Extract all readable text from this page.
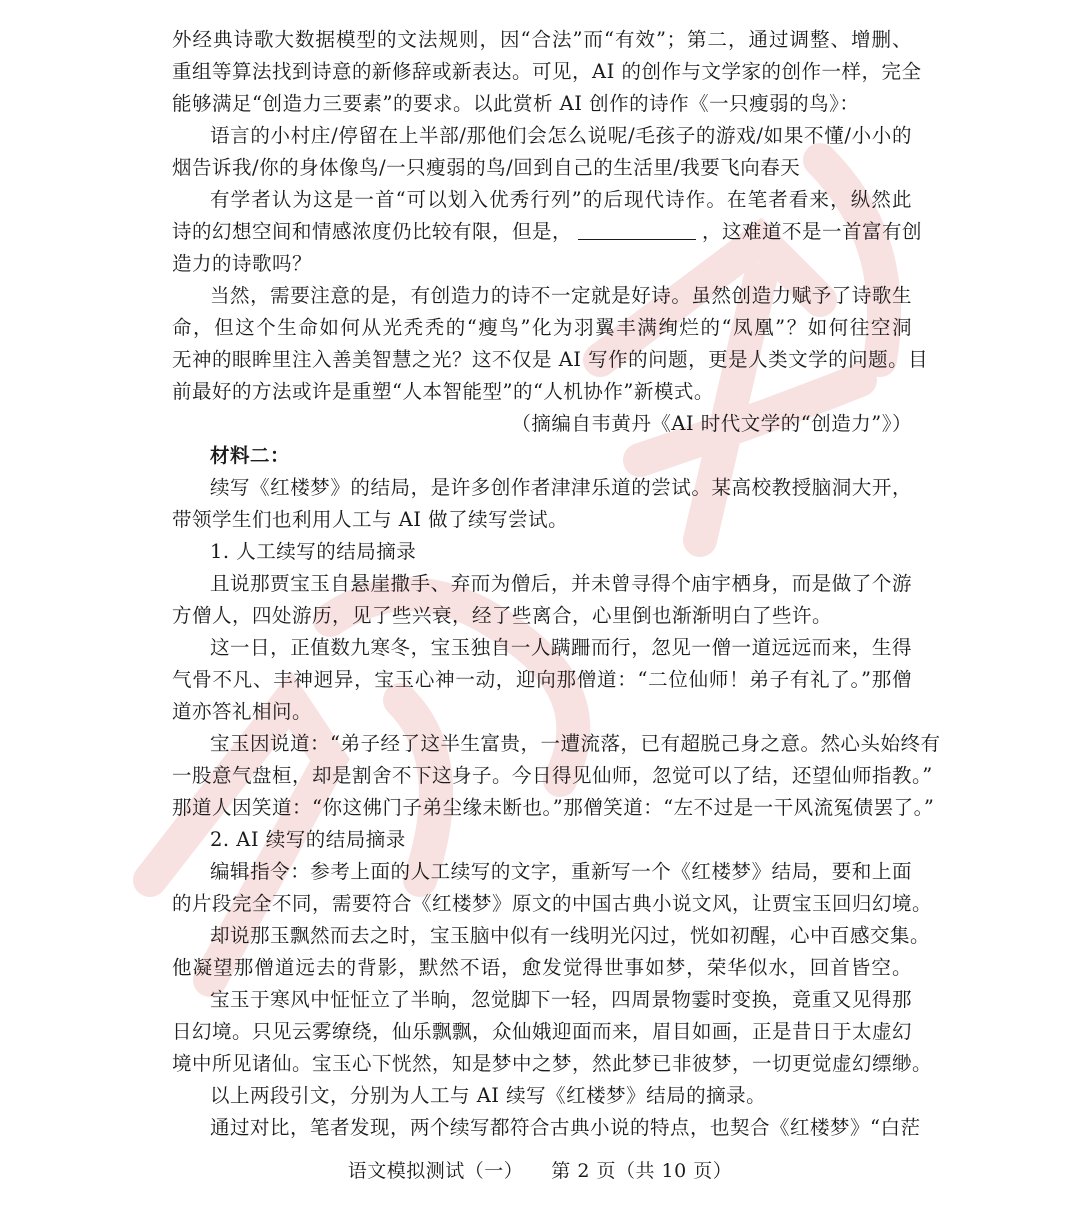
外经典诗歌大数据模型的文法规则，因“合法”而“有效”；第二，通过调整、增删、
重组等算法找到诗意的新修辞或新表达。可见，AI 的创作与文学家的创作一样，完全
能够满足“创造力三要素”的要求。以此赏析 AI 创作的诗作《一只瘦弱的鸟》：
语言的小村庄/停留在上半部/那他们会怎么说呢/毛孩子的游戏/如果不懂/小小的
烟告诉我/你的身体像鸟/一只瘦弱的鸟/回到自己的生活里/我要飞向春天
有学者认为这是一首“可以划入优秀行列”的后现代诗作。在笔者看来，纵然此
诗的幻想空间和情感浓度仍比较有限，但是，	，这难道不是一首富有创
造力的诗歌吗？
当然，需要注意的是，有创造力的诗不一定就是好诗。虽然创造力赋予了诗歌生
命，但这个生命如何从光秃秃的“瘦鸟”化为羽翼丰满绚烂的“凤凰”？如何往空洞
无神的眼眸里注入善美智慧之光？这不仅是 AI 写作的问题，更是人类文学的问题。目
前最好的方法或许是重塑“人本智能型”的“人机协作”新模式。
（摘编自韦黄丹《AI 时代文学的“创造力”》）
材料二：
续写《红楼梦》的结局，是许多创作者津津乐道的尝试。某高校教授脑洞大开，
带领学生们也利用人工与 AI 做了续写尝试。
1. 人工续写的结局摘录
且说那贾宝玉自悬崖撒手、弃而为僧后，并未曾寻得个庙宇栖身，而是做了个游
方僧人，四处游历，见了些兴衰，经了些离合，心里倒也渐渐明白了些许。
这一日，正值数九寒冬，宝玉独自一人蹒跚而行，忽见一僧一道远远而来，生得
气骨不凡、丰神迥异，宝玉心神一动，迎向那僧道：“二位仙师！弟子有礼了。”那僧
道亦答礼相问。
宝玉因说道：“弟子经了这半生富贵，一遭流落，已有超脱己身之意。然心头始终有
一股意气盘桓，却是割舍不下这身子。今日得见仙师，忽觉可以了结，还望仙师指教。”
那道人因笑道：“你这佛门子弟尘缘未断也。”那僧笑道：“左不过是一干风流冤债罢了。”
2. AI 续写的结局摘录
编辑指令：参考上面的人工续写的文字，重新写一个《红楼梦》结局，要和上面
的片段完全不同，需要符合《红楼梦》原文的中国古典小说文风，让贾宝玉回归幻境。
却说那玉飘然而去之时，宝玉脑中似有一线明光闪过，恍如初醒，心中百感交集。
他凝望那僧道远去的背影，默然不语，愈发觉得世事如梦，荣华似水，回首皆空。
宝玉于寒风中怔怔立了半晌，忽觉脚下一轻，四周景物霎时变换，竟重又见得那
日幻境。只见云雾缭绕，仙乐飘飘，众仙娥迎面而来，眉目如画，正是昔日于太虚幻
境中所见诸仙。宝玉心下恍然，知是梦中之梦，然此梦已非彼梦，一切更觉虚幻缥缈。
以上两段引文，分别为人工与 AI 续写《红楼梦》结局的摘录。
通过对比，笔者发现，两个续写都符合古典小说的特点，也契合《红楼梦》“白茫
语文模拟测试（一） 第 2 页（共 10 页）
